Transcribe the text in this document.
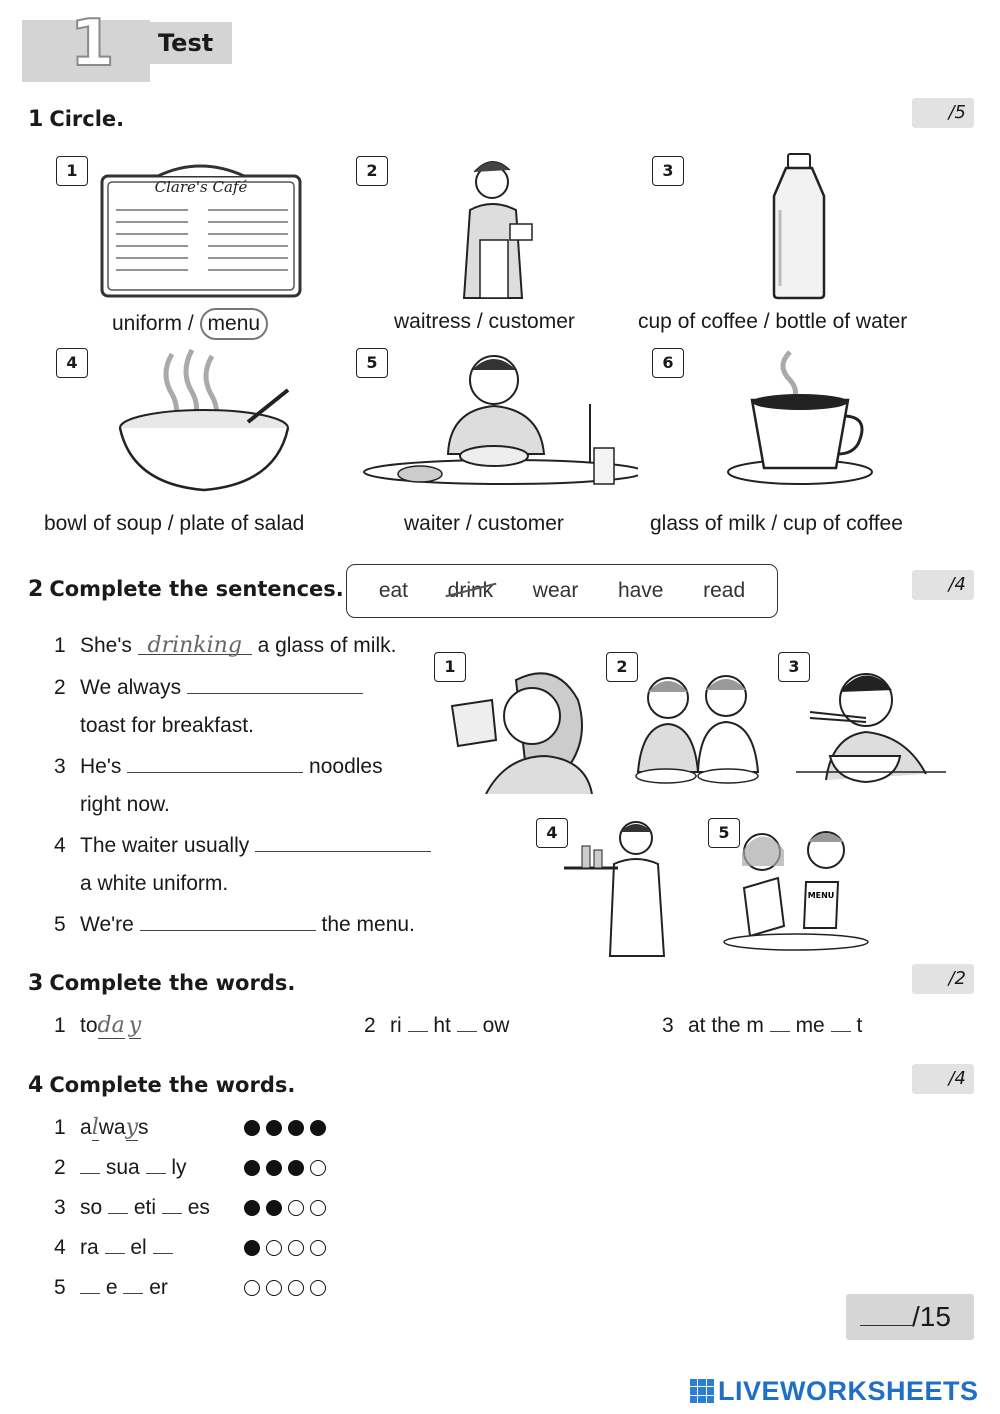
1 Test
1 Circle.	/5
1
Clare's Café
uniform / menu
2
waitress / customer
3
cup of coffee / bottle of water
4
bowl of soup / plate of salad
5
waiter / customer
6
glass of milk / cup of coffee
2 Complete the sentences. eat drink wear have read	/4
1 She's drinking a glass of milk.
2 We always
toast for breakfast.
3 He's	noodles
right now.
4 The waiter usually
a white uniform.
5 We're	the menu.
1	2	3
4	5
MENU
3 Complete the words.	/2
1 toda y	2 ri ht ow	3 at the m me t
4 Complete the words.	/4
1 always
2 sua ly
3 so eti es
4 ra el
5 e er
/15
LIVEWORKSHEETS
